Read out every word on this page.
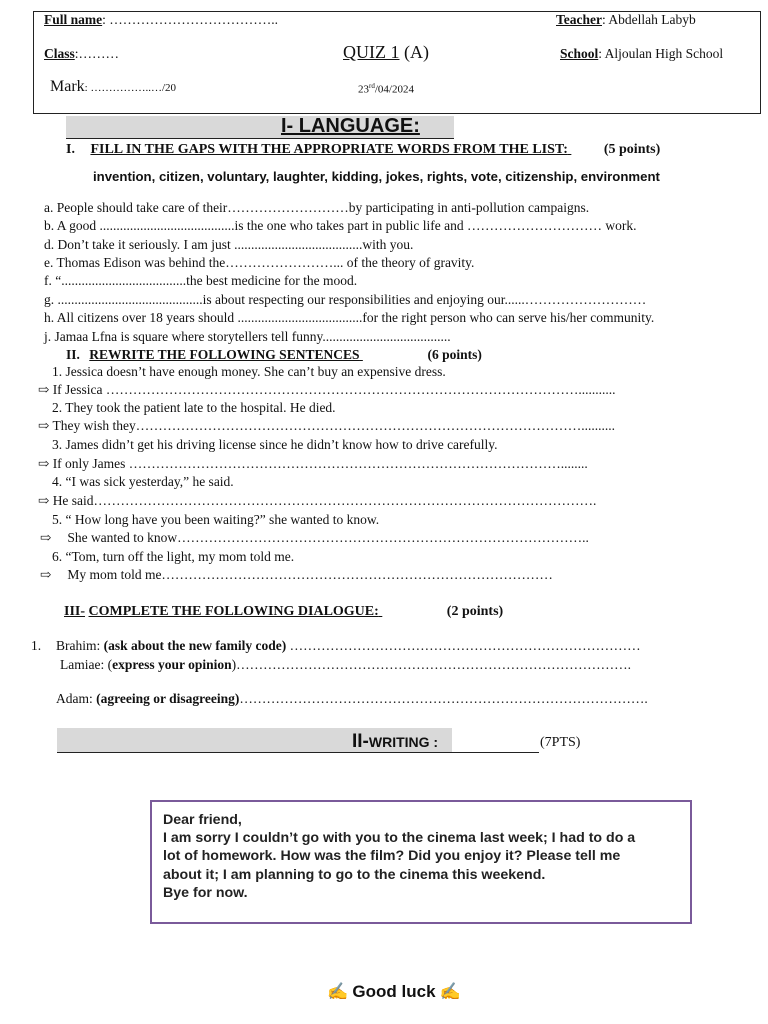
Full name: ………………………………..	Teacher: Abdellah Labyb
Class:………	QUIZ 1 (A)	School: Aljoulan High School
Mark: ……………..…/20	23rd/04/2024
I- LANGUAGE:
I. FILL IN THE GAPS WITH THE APPROPRIATE WORDS FROM THE LIST:	(5 points)
invention, citizen, voluntary, laughter, kidding, jokes, rights, vote, citizenship, environment
a. People should take care of their………………………by participating in anti-pollution campaigns.
b. A good ........................................is the one who takes part in public life and ………………………… work.
d. Don’t take it seriously. I am just ......................................with you.
e. Thomas Edison was behind the……………………... of the theory of gravity.
f. “.....................................the best medicine for the mood.
g. ...........................................is about respecting our responsibilities and enjoying our......………………………
h. All citizens over 18 years should .....................................for the right person who can serve his/her community.
j. Jamaa Lfna is square where storytellers tell funny......................................
II. REWRITE THE FOLLOWING SENTENCES	(6 points)
1. Jessica doesn’t have enough money. She can’t buy an expensive dress.
⇨ If Jessica ……………………………………………………………………………………………...........
2. They took the patient late to the hospital. He died.
⇨ They wish they………………………………………………………………………………………..........
3. James didn’t get his driving license since he didn’t know how to drive carefully.
⇨ If only James ……………………………………………………………………………………........
4. “I was sick yesterday,” he said.
⇨ He said………………………………………………………………………………………………….
5. “ How long have you been waiting?” she wanted to know.
⇨ She wanted to know………………………………………………………………………………..
6. “Tom, turn off the light, my mom told me.
⇨ My mom told me……………………………………………………………………………
III- COMPLETE THE FOLLOWING DIALOGUE:	(2 points)
1. Brahim: (ask about the new family code) ……………………………………………………………………
Lamiae: (express your opinion)…………………………………………………………………………….
Adam: (agreeing or disagreeing)……………………………………………………………………………….
II-WRITING :	(7PTS)
Dear friend,
I am sorry I couldn’t go with you to the cinema last week; I had to do a
lot of homework. How was the film? Did you enjoy it? Please tell me
about it; I am planning to go to the cinema this weekend.
Bye for now.
✍ Good luck ✍
